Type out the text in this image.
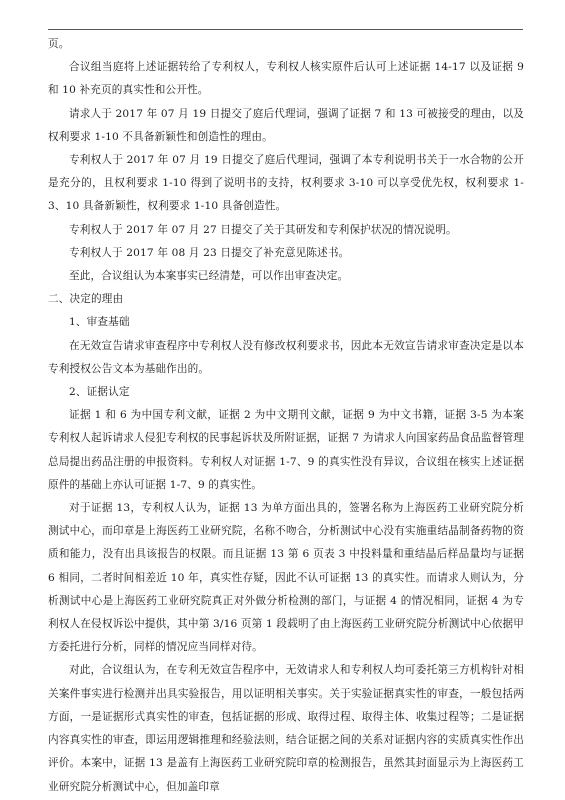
页。

合议组当庭将上述证据转给了专利权人，专利权人核实原件后认可上述证据 14-17 以及证据 9 和 10 补充页的真实性和公开性。

请求人于 2017 年 07 月 19 日提交了庭后代理词，强调了证据 7 和 13 可被接受的理由，以及权利要求 1-10 不具备新颖性和创造性的理由。

专利权人于 2017 年 07 月 19 日提交了庭后代理词，强调了本专利说明书关于一水合物的公开是充分的，且权利要求 1-10 得到了说明书的支持，权利要求 3-10 可以享受优先权，权利要求 1-3、10 具备新颖性，权利要求 1-10 具备创造性。

专利权人于 2017 年 07 月 27 日提交了关于其研发和专利保护状况的情况说明。

专利权人于 2017 年 08 月 23 日提交了补充意见陈述书。

至此，合议组认为本案事实已经清楚，可以作出审查决定。

二、决定的理由

1、审查基础

在无效宣告请求审查程序中专利权人没有修改权利要求书，因此本无效宣告请求审查决定是以本专利授权公告文本为基础作出的。

2、证据认定

证据 1 和 6 为中国专利文献，证据 2 为中文期刊文献，证据 9 为中文书籍，证据 3-5 为本案专利权人起诉请求人侵犯专利权的民事起诉状及所附证据，证据 7 为请求人向国家药品食品监督管理总局提出药品注册的申报资料。专利权人对证据 1-7、9 的真实性没有异议，合议组在核实上述证据原件的基础上亦认可证据 1-7、9 的真实性。

对于证据 13，专利权人认为，证据 13 为单方面出具的，签署名称为上海医药工业研究院分析测试中心，而印章是上海医药工业研究院，名称不吻合，分析测试中心没有实施重结晶制备药物的资质和能力，没有出具该报告的权限。而且证据 13 第 6 页表 3 中投料量和重结晶后样品量均与证据 6 相同，二者时间相差近 10 年，真实性存疑，因此不认可证据 13 的真实性。而请求人则认为，分析测试中心是上海医药工业研究院真正对外做分析检测的部门，与证据 4 的情况相同，证据 4 为专利权人在侵权诉讼中提供，其中第 3/16 页第 1 段载明了由上海医药工业研究院分析测试中心依据甲方委托进行分析，同样的情况应当同样对待。

对此，合议组认为，在专利无效宣告程序中，无效请求人和专利权人均可委托第三方机构针对相关案件事实进行检测并出具实验报告，用以证明相关事实。关于实验证据真实性的审查，一般包括两方面，一是证据形式真实性的审查，包括证据的形成、取得过程、取得主体、收集过程等；二是证据内容真实性的审查，即运用逻辑推理和经验法则，结合证据之间的关系对证据内容的实质真实性作出评价。本案中，证据 13 是盖有上海医药工业研究院印章的检测报告，虽然其封面显示为上海医药工业研究院分析测试中心，但加盖印章
